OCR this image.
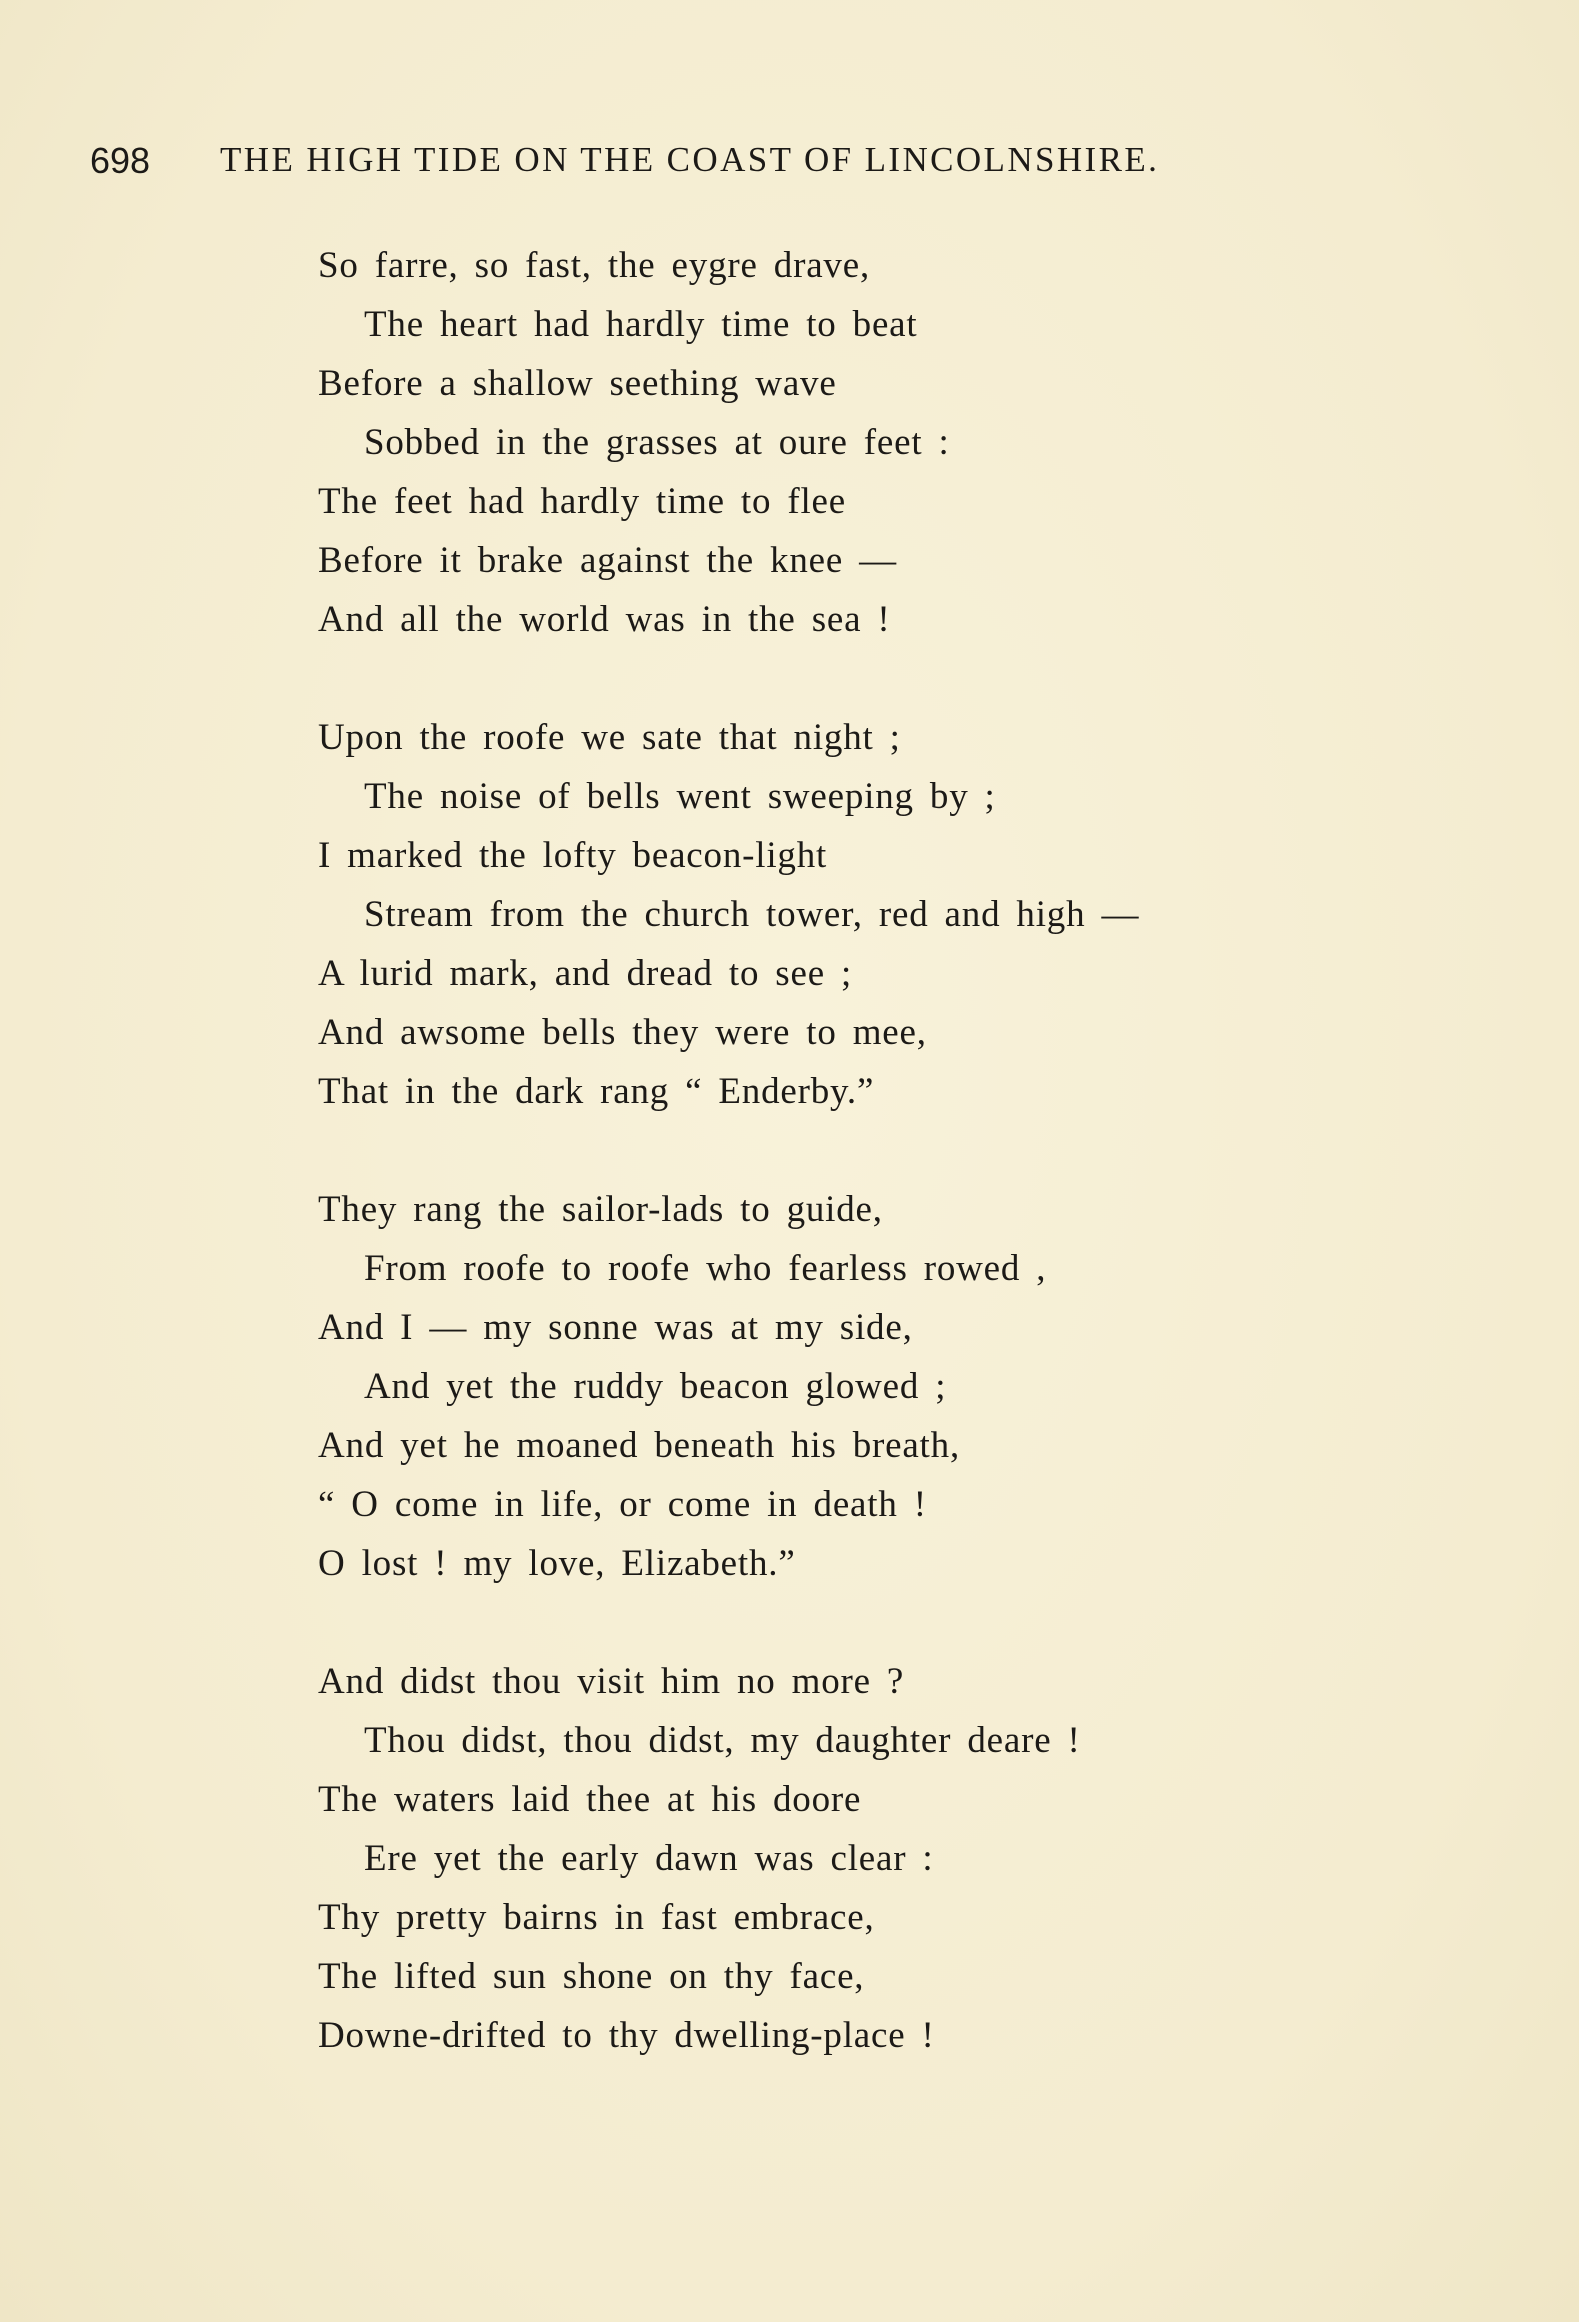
698 THE HIGH TIDE ON THE COAST OF LINCOLNSHIRE.
So farre, so fast, the eygre drave,
The heart had hardly time to beat
Before a shallow seething wave
Sobbed in the grasses at oure feet :
The feet had hardly time to flee
Before it brake against the knee —
And all the world was in the sea !
Upon the roofe we sate that night ;
The noise of bells went sweeping by ;
I marked the lofty beacon-light
Stream from the church tower, red and high —
A lurid mark, and dread to see ;
And awsome bells they were to mee,
That in the dark rang “ Enderby.”
They rang the sailor-lads to guide,
From roofe to roofe who fearless rowed ,
And I — my sonne was at my side,
And yet the ruddy beacon glowed ;
And yet he moaned beneath his breath,
“ O come in life, or come in death !
O lost ! my love, Elizabeth.”
And didst thou visit him no more ?
Thou didst, thou didst, my daughter deare !
The waters laid thee at his doore
Ere yet the early dawn was clear :
Thy pretty bairns in fast embrace,
The lifted sun shone on thy face,
Downe-drifted to thy dwelling-place !
